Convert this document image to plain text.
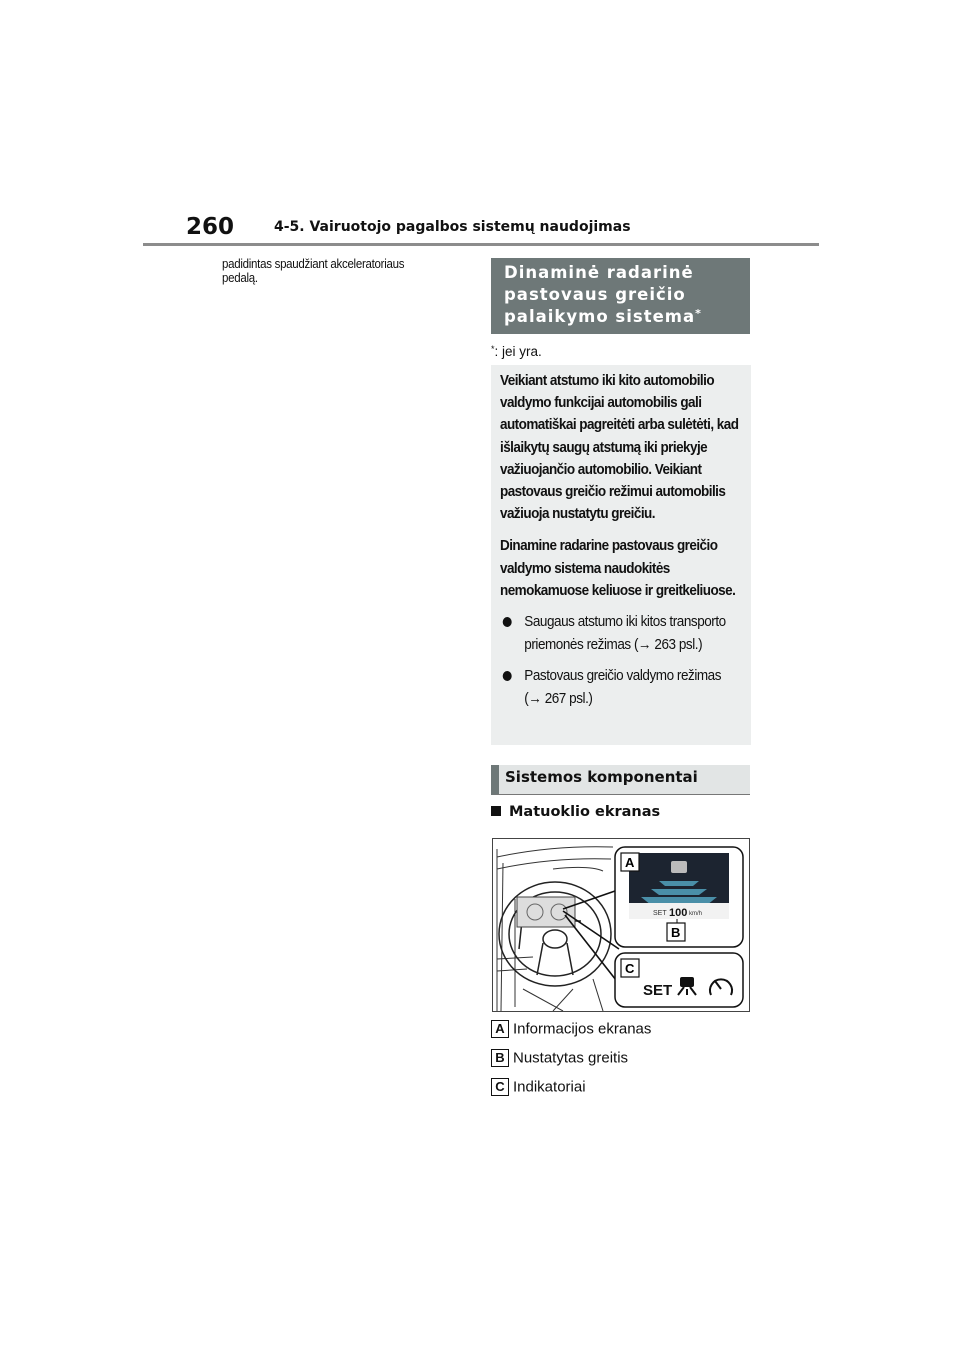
260	4-5. Vairuotojo pagalbos sistemų naudojimas
padidintas spaudžiant akceleratoriaus pedalą.	Dinaminė radarinė
pastovaus greičio
palaikymo sistema*
*: jei yra.

Veikiant atstumo iki kito automobilio valdymo funkcijai automobilis gali automatiškai pagreitėti arba sulėtėti, kad išlaikytų saugų atstumą iki priekyje važiuojančio automobilio. Veikiant pastovaus greičio režimui automobilis važiuoja nustatytu greičiu.

Dinamine radarine pastovaus greičio valdymo sistema naudokitės nemokamuose keliuose ir greitkeliuose.

Saugaus atstumo iki kitos transporto priemonės režimas (→ 263 psl.)
Pastovaus greičio valdymo režimas (→ 267 psl.)
Sistemos komponentai
Matuoklio ekranas
SET 100 km/h
A
B
C
SET
A Informacijos ekranas
B Nustatytas greitis
C Indikatoriai
